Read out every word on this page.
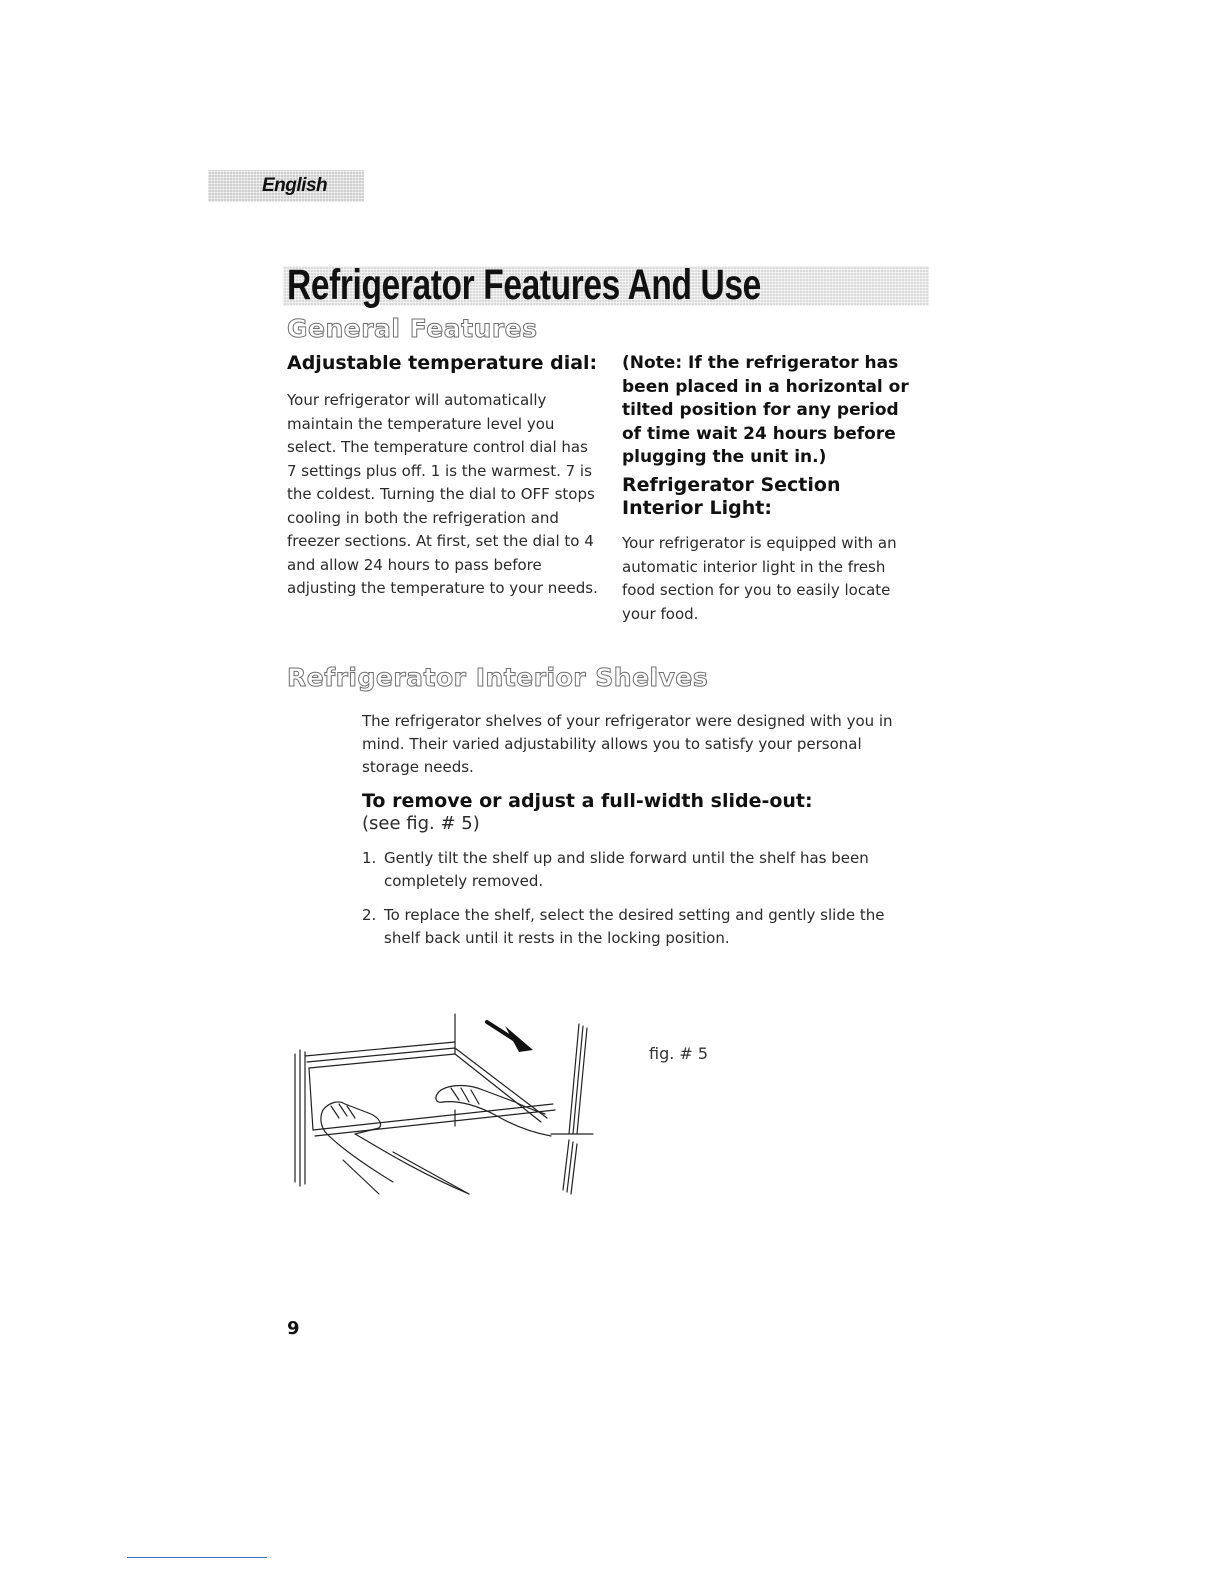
English
Refrigerator Features And Use
General Features
Adjustable temperature dial:

Your refrigerator will automatically maintain the temperature level you select. The temperature control dial has 7 settings plus off. 1 is the warmest. 7 is the coldest. Turning the dial to OFF stops cooling in both the refrigeration and freezer sections. At first, set the dial to 4 and allow 24 hours to pass before adjusting the temperature to your needs.

(Note: If the refrigerator has been placed in a horizontal or tilted position for any period of time wait 24 hours before plugging the unit in.)

Refrigerator Section Interior Light:

Your refrigerator is equipped with an automatic interior light in the fresh food section for you to easily locate your food.

Refrigerator Interior Shelves

The refrigerator shelves of your refrigerator were designed with you in mind. Their varied adjustability allows you to satisfy your personal storage needs.

To remove or adjust a full-width slide-out:

(see fig. # 5)

1. Gently tilt the shelf up and slide forward until the shelf has been completely removed.
2. To replace the shelf, select the desired setting and gently slide the shelf back until it rests in the locking position.

fig. # 5

9
